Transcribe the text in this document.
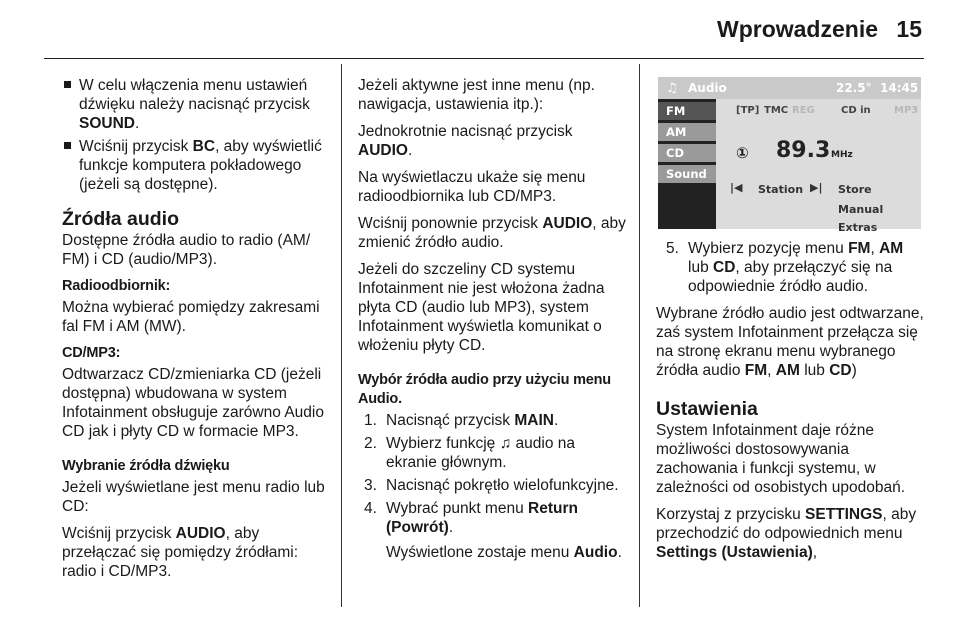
Wprowadzenie 15
W celu włączenia menu ustawień dźwięku należy nacisnąć przycisk SOUND.
Wciśnij przycisk BC, aby wyświetlić funkcje komputera pokładowego (jeżeli są dostępne).
Źródła audio

Dostępne źródła audio to radio (AM/ FM) i CD (audio/MP3).

Radioodbiornik:

Można wybierać pomiędzy zakresami fal FM i AM (MW).

CD/MP3:

Odtwarzacz CD/zmieniarka CD (jeżeli dostępna) wbudowana w system Infotainment obsługuje zarówno Audio CD jak i płyty CD w formacie MP3.

Wybranie źródła dźwięku

Jeżeli wyświetlane jest menu radio lub CD:

Wciśnij przycisk AUDIO, aby przełączać się pomiędzy źródłami: radio i CD/MP3.

Jeżeli aktywne jest inne menu (np. nawigacja, ustawienia itp.):

Jednokrotnie nacisnąć przycisk AUDIO.

Na wyświetlaczu ukaże się menu radioodbiornika lub CD/MP3.

Wciśnij ponownie przycisk AUDIO, aby zmienić źródło audio.

Jeżeli do szczeliny CD systemu Infotainment nie jest włożona żadna płyta CD (audio lub MP3), system Infotainment wyświetla komunikat o włożeniu płyty CD.

Wybór źródła audio przy użyciu menu Audio.

1. Nacisnąć przycisk MAIN.
2. Wybierz funkcję ♫ audio na ekranie głównym.
3. Nacisnąć pokrętło wielofunkcyjne.
4. Wybrać punkt menu Return (Powrót).

Wyświetlone zostaje menu Audio.

♫ Audio	22.5° 14:45
FM
AM
CD
Sound
[TP] TMC REG	CD in MP3
① 89.3 MHz
|◀ Station ▶| Store
Manual
Extras
5. Wybierz pozycję menu FM, AM lub CD, aby przełączyć się na odpowiednie źródło audio.

Wybrane źródło audio jest odtwarzane, zaś system Infotainment przełącza się na stronę ekranu menu wybranego źródła audio FM, AM lub CD)

Ustawienia

System Infotainment daje różne możliwości dostosowywania zachowania i funkcji systemu, w zależności od osobistych upodobań.

Korzystaj z przycisku SETTINGS, aby przechodzić do odpowiednich menu Settings (Ustawienia),
